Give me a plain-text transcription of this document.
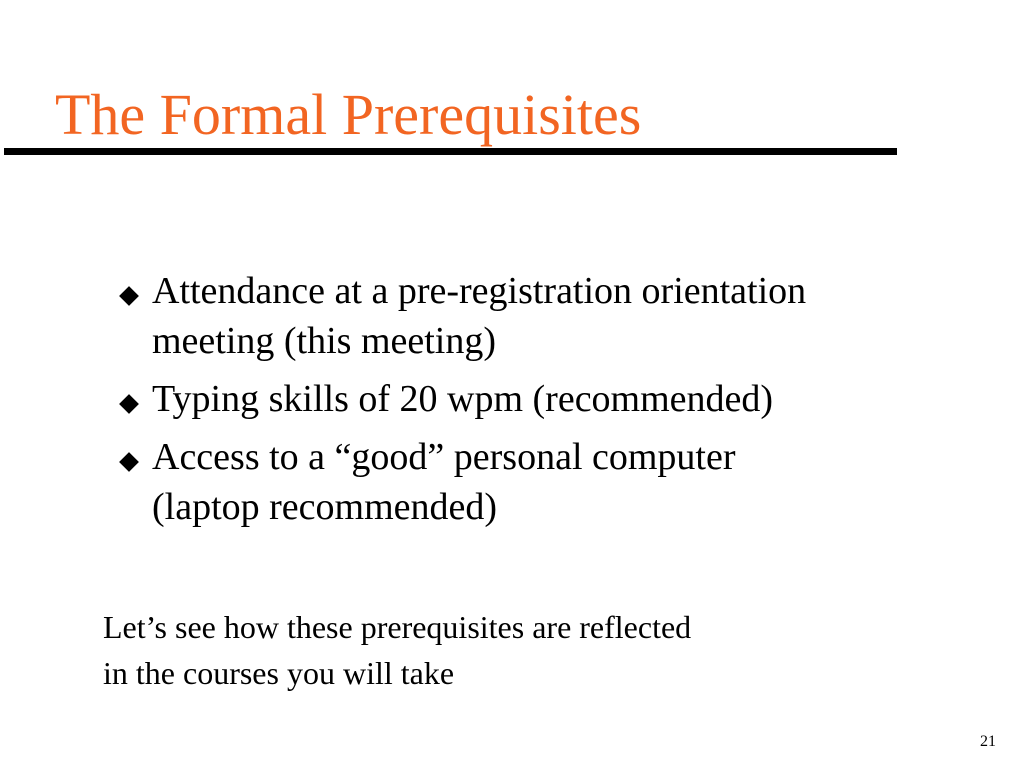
The Formal Prerequisites
Attendance at a pre-registration orientation
meeting (this meeting)
Typing skills of 20 wpm (recommended)
Access to a “good” personal computer
(laptop recommended)

Let’s see how these prerequisites are reflected
in the courses you will take

21
